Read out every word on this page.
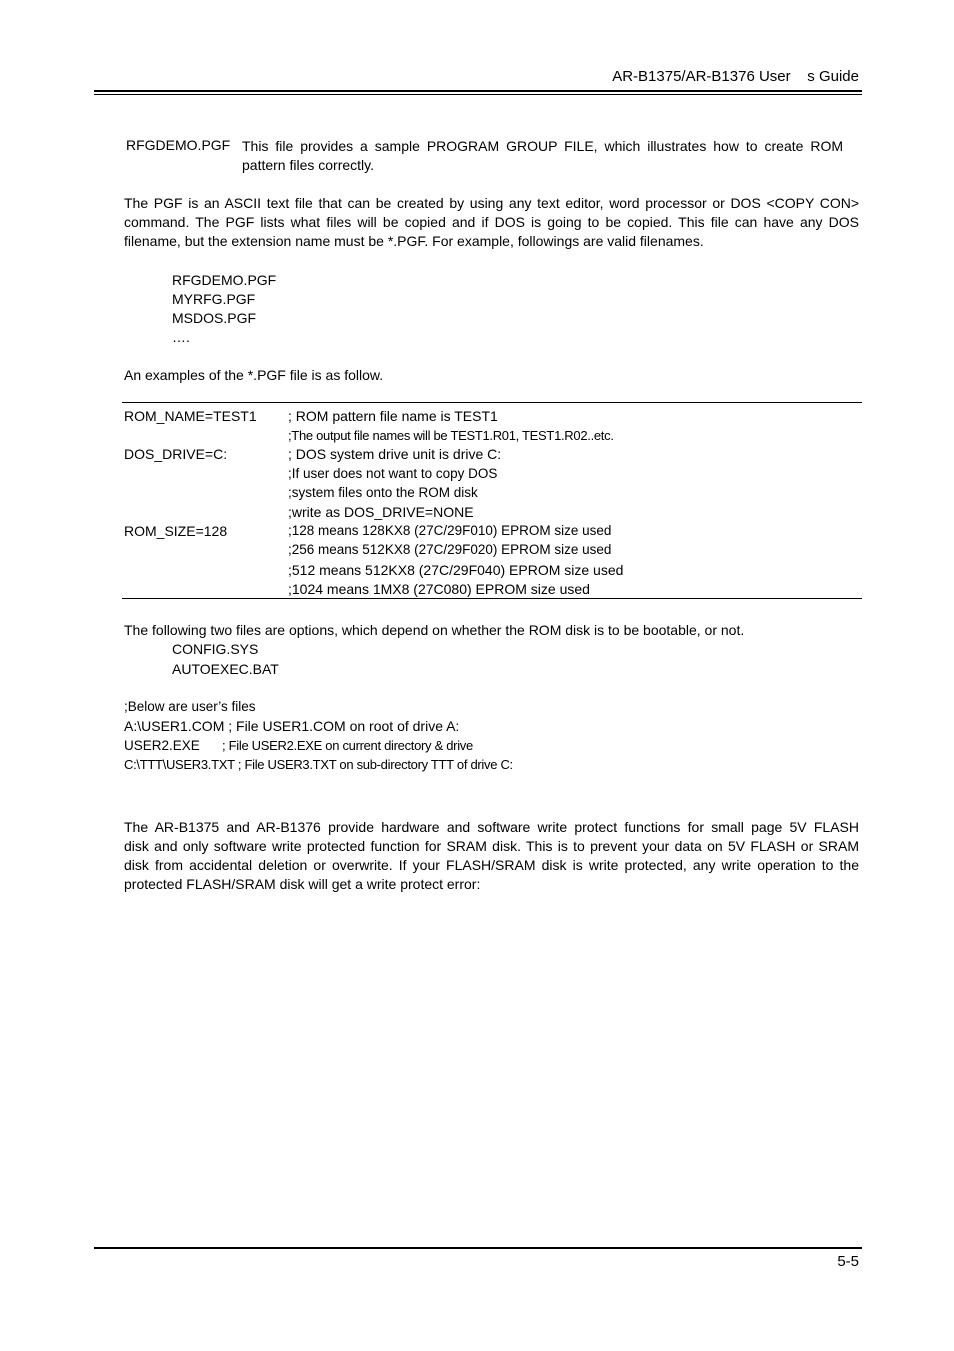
AR-B1375/AR-B1376 User    s Guide
RFGDEMO.PGF This file provides a sample PROGRAM GROUP FILE, which illustrates how to create ROM
pattern files correctly.
The PGF is an ASCII text file that can be created by using any text editor, word processor or DOS <COPY CON>
command. The PGF lists what files will be copied and if DOS is going to be copied. This file can have any DOS
filename, but the extension name must be *.PGF. For example, followings are valid filenames.
RFGDEMO.PGF
MYRFG.PGF
MSDOS.PGF
….
An examples of the *.PGF file is as follow.
ROM_NAME=TEST1 ; ROM pattern file name is TEST1
;The output file names will be TEST1.R01, TEST1.R02..etc.
DOS_DRIVE=C:	; DOS system drive unit is drive C:
;If user does not want to copy DOS
;system files onto the ROM disk
;write as DOS_DRIVE=NONE
ROM_SIZE=128	;128 means 128KX8 (27C/29F010) EPROM size used
;256 means 512KX8 (27C/29F020) EPROM size used
;512 means 512KX8 (27C/29F040) EPROM size used
;1024 means 1MX8 (27C080) EPROM size used
The following two files are options, which depend on whether the ROM disk is to be bootable, or not.
CONFIG.SYS
AUTOEXEC.BAT
;Below are user’s files
A:\USER1.COM ; File USER1.COM on root of drive A:
USER2.EXE ; File USER2.EXE on current directory & drive
C:\TTT\USER3.TXT ; File USER3.TXT on sub-directory TTT of drive C:
The AR-B1375 and AR-B1376 provide hardware and software write protect functions for small page 5V FLASH
disk and only software write protected function for SRAM disk. This is to prevent your data on 5V FLASH or SRAM
disk from accidental deletion or overwrite. If your FLASH/SRAM disk is write protected, any write operation to the
protected FLASH/SRAM disk will get a write protect error:
5-5
